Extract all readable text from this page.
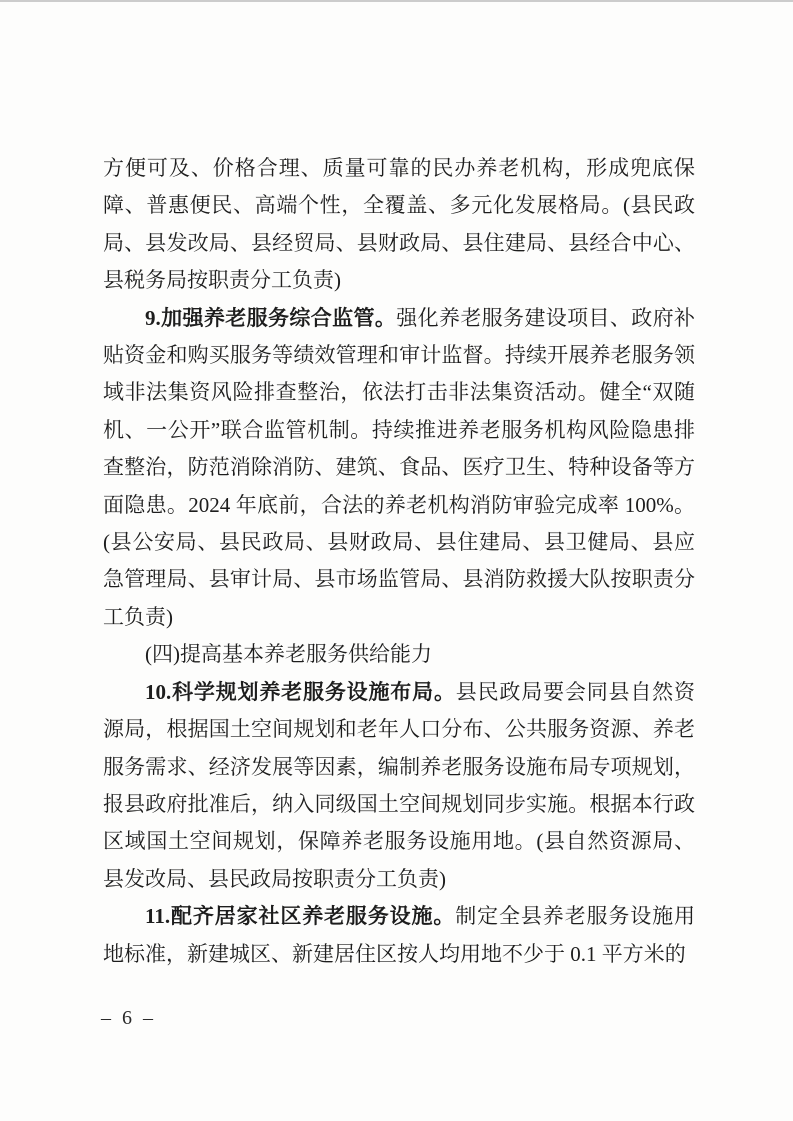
方便可及、价格合理、质量可靠的民办养老机构，形成兜底保障、普惠便民、高端个性，全覆盖、多元化发展格局。(县民政局、县发改局、县经贸局、县财政局、县住建局、县经合中心、县税务局按职责分工负责)

9.加强养老服务综合监管。强化养老服务建设项目、政府补贴资金和购买服务等绩效管理和审计监督。持续开展养老服务领域非法集资风险排查整治，依法打击非法集资活动。健全“双随机、一公开”联合监管机制。持续推进养老服务机构风险隐患排查整治，防范消除消防、建筑、食品、医疗卫生、特种设备等方面隐患。2024 年底前，合法的养老机构消防审验完成率 100%。(县公安局、县民政局、县财政局、县住建局、县卫健局、县应急管理局、县审计局、县市场监管局、县消防救援大队按职责分工负责)

(四)提高基本养老服务供给能力

10.科学规划养老服务设施布局。县民政局要会同县自然资源局，根据国土空间规划和老年人口分布、公共服务资源、养老服务需求、经济发展等因素，编制养老服务设施布局专项规划，报县政府批准后，纳入同级国土空间规划同步实施。根据本行政区域国土空间规划，保障养老服务设施用地。(县自然资源局、县发改局、县民政局按职责分工负责)

11.配齐居家社区养老服务设施。制定全县养老服务设施用地标准，新建城区、新建居住区按人均用地不少于 0.1 平方米的

– 6 –
